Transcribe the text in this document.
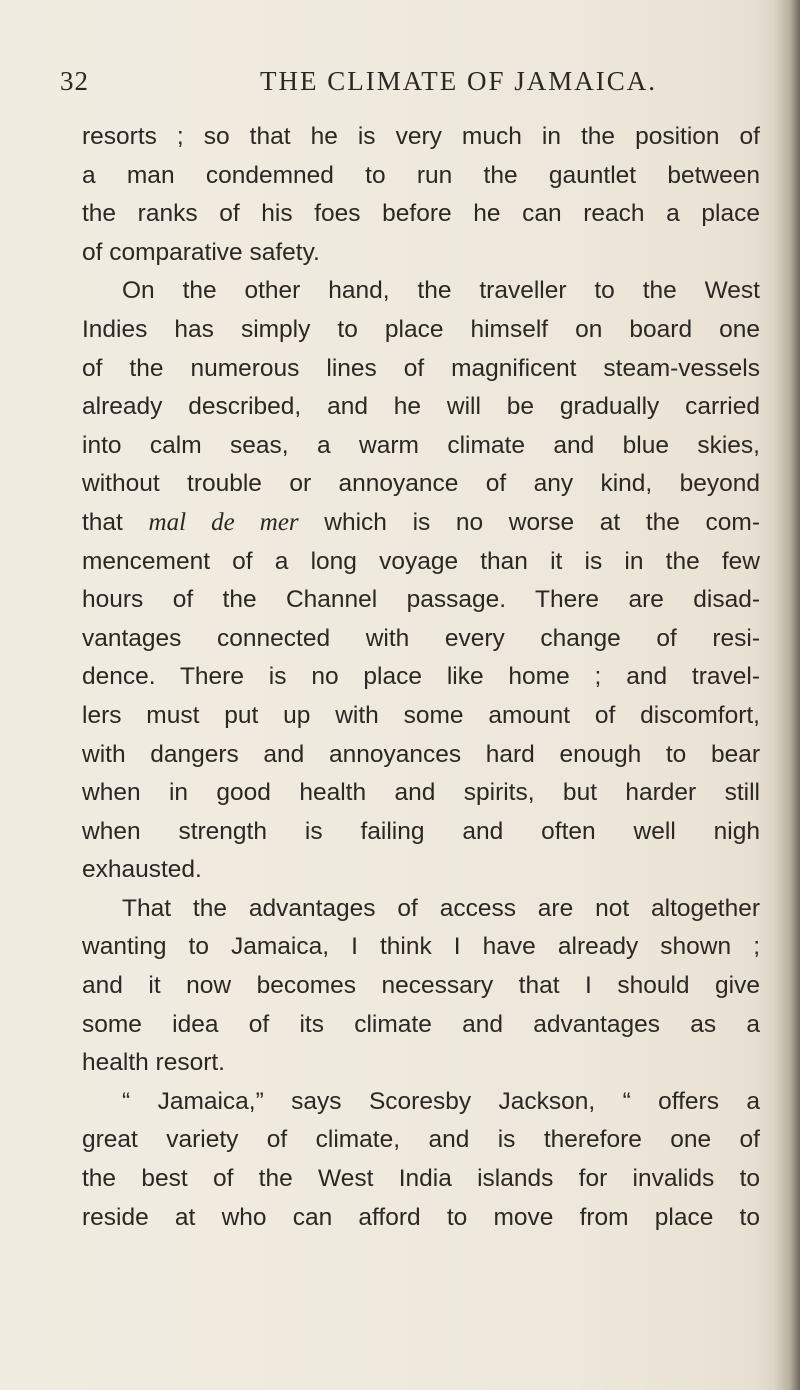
32	THE CLIMATE OF JAMAICA.
resorts ; so that he is very much in the position of
a man condemned to run the gauntlet between
the ranks of his foes before he can reach a place
of comparative safety.
On the other hand, the traveller to the West
Indies has simply to place himself on board one
of the numerous lines of magnificent steam-vessels
already described, and he will be gradually carried
into calm seas, a warm climate and blue skies,
without trouble or annoyance of any kind, beyond
that mal de mer which is no worse at the com-
mencement of a long voyage than it is in the few
hours of the Channel passage. There are disad-
vantages connected with every change of resi-
dence. There is no place like home ; and travel-
lers must put up with some amount of discomfort,
with dangers and annoyances hard enough to bear
when in good health and spirits, but harder still
when strength is failing and often well nigh
exhausted.
That the advantages of access are not altogether
wanting to Jamaica, I think I have already shown ;
and it now becomes necessary that I should give
some idea of its climate and advantages as a
health resort.
“ Jamaica,” says Scoresby Jackson, “ offers a
great variety of climate, and is therefore one of
the best of the West India islands for invalids to
reside at who can afford to move from place to
